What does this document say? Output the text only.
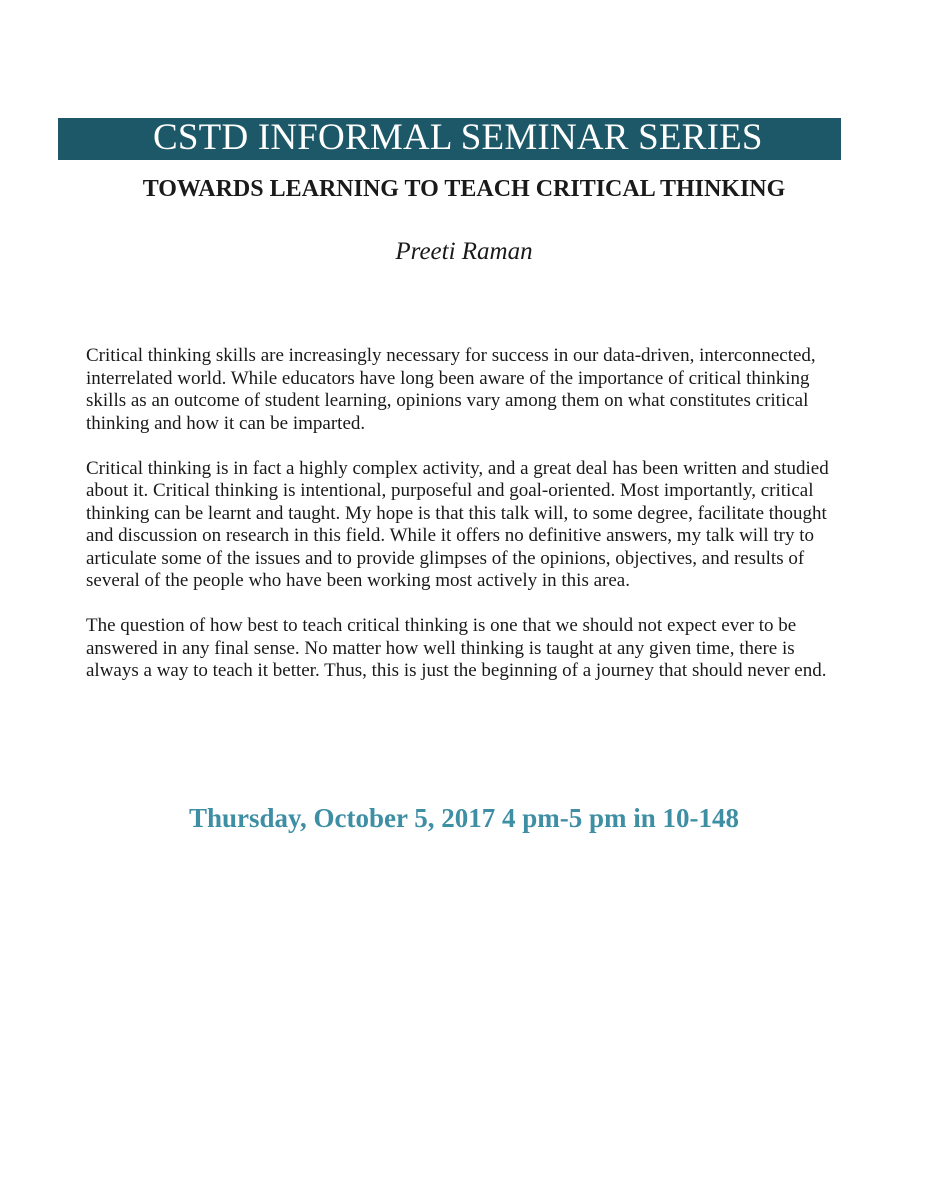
CSTD INFORMAL SEMINAR SERIES
TOWARDS LEARNING TO TEACH CRITICAL THINKING
Preeti Raman

Critical thinking skills are increasingly necessary for success in our data-driven, interconnected, interrelated world. While educators have long been aware of the importance of critical thinking skills as an outcome of student learning, opinions vary among them on what constitutes critical thinking and how it can be imparted.

Critical thinking is in fact a highly complex activity, and a great deal has been written and studied about it. Critical thinking is intentional, purposeful and goal-oriented. Most importantly, critical thinking can be learnt and taught. My hope is that this talk will, to some degree, facilitate thought and discussion on research in this field. While it offers no definitive answers, my talk will try to articulate some of the issues and to provide glimpses of the opinions, objectives, and results of several of the people who have been working most actively in this area.

The question of how best to teach critical thinking is one that we should not expect ever to be answered in any final sense. No matter how well thinking is taught at any given time, there is always a way to teach it better. Thus, this is just the beginning of a journey that should never end.

Thursday, October 5, 2017 4 pm-5 pm in 10-148
